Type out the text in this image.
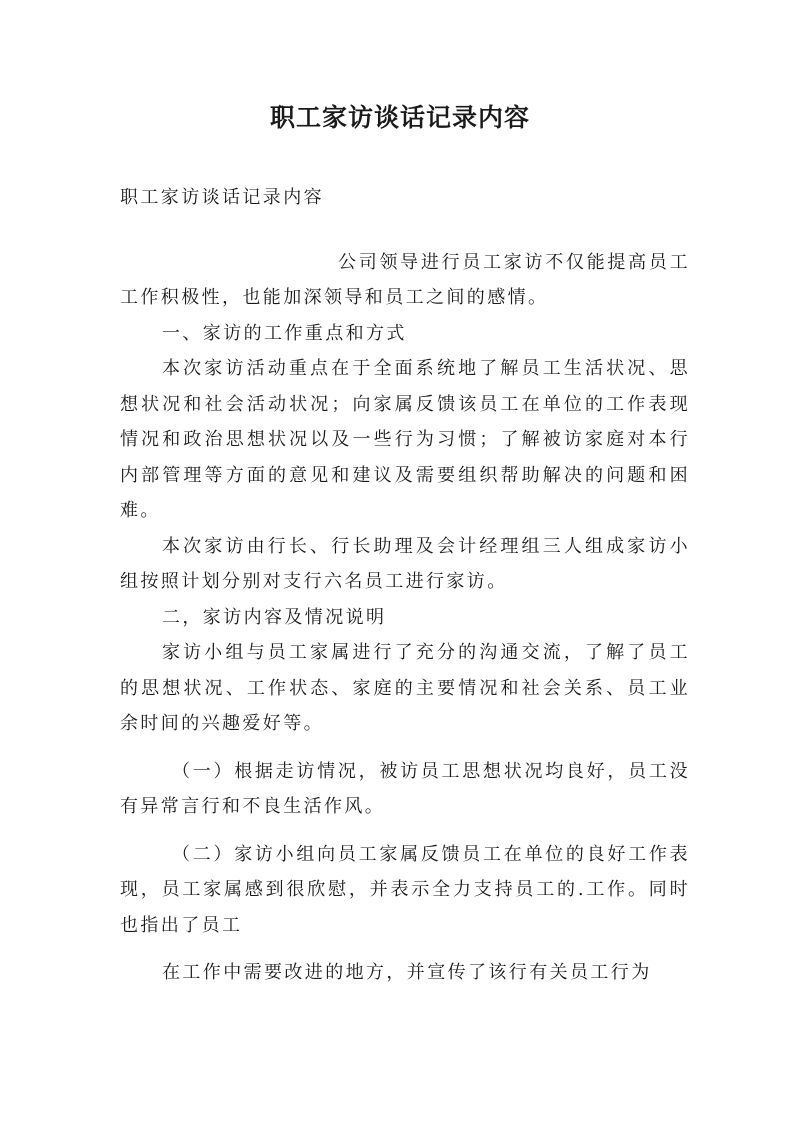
职工家访谈话记录内容

职工家访谈话记录内容

公司领导进行员工家访不仅能提高员工工作积极性，也能加深领导和员工之间的感情。

一、家访的工作重点和方式

本次家访活动重点在于全面系统地了解员工生活状况、思想状况和社会活动状况；向家属反馈该员工在单位的工作表现情况和政治思想状况以及一些行为习惯；了解被访家庭对本行内部管理等方面的意见和建议及需要组织帮助解决的问题和困难。

本次家访由行长、行长助理及会计经理组三人组成家访小组按照计划分别对支行六名员工进行家访。

二，家访内容及情况说明

家访小组与员工家属进行了充分的沟通交流，了解了员工的思想状况、工作状态、家庭的主要情况和社会关系、员工业余时间的兴趣爱好等。

（一）根据走访情况，被访员工思想状况均良好，员工没有异常言行和不良生活作风。

（二）家访小组向员工家属反馈员工在单位的良好工作表现，员工家属感到很欣慰，并表示全力支持员工的.工作。同时也指出了员工

在工作中需要改进的地方，并宣传了该行有关员工行为
